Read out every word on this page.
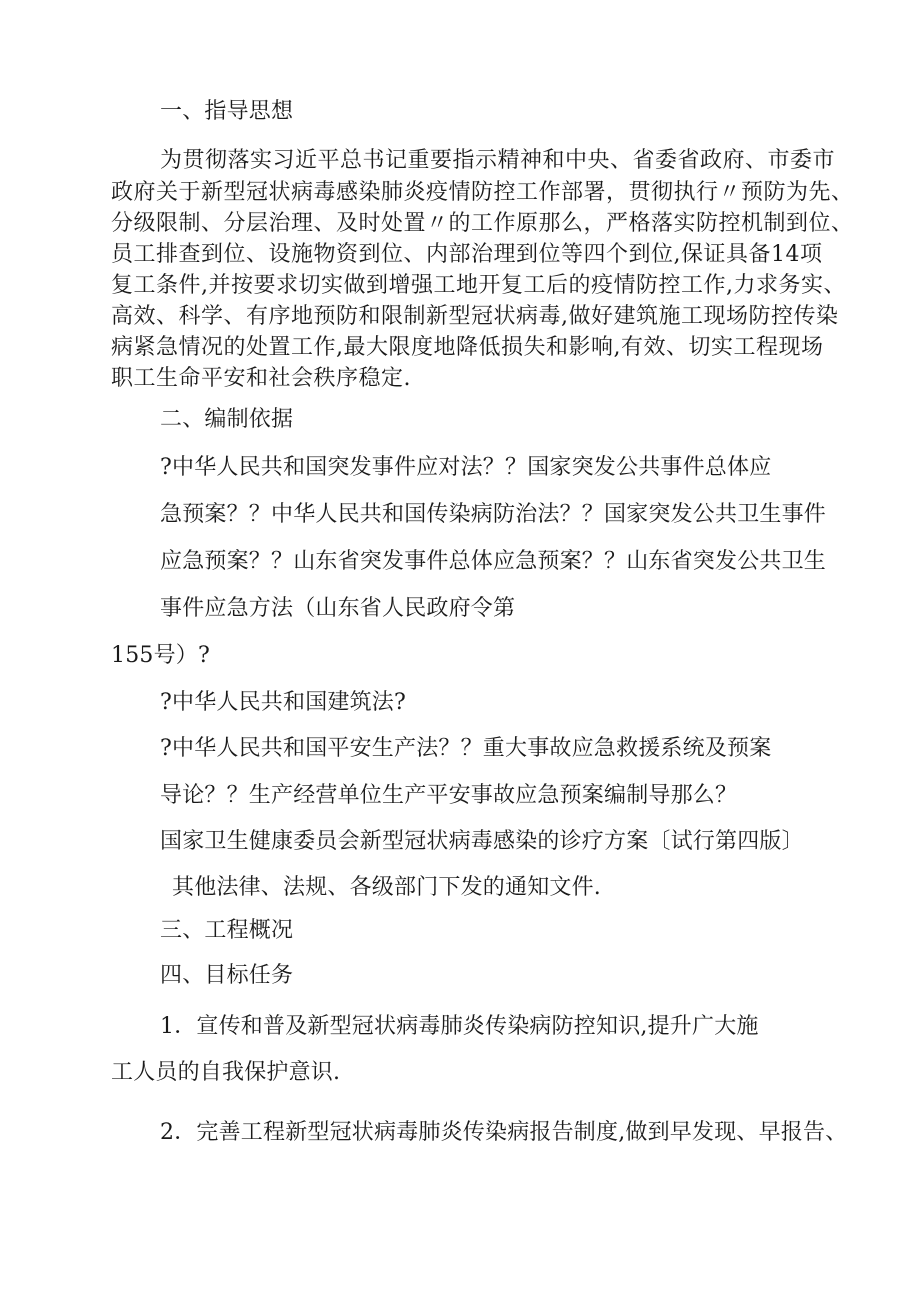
一、指导思想
为贯彻落实习近平总书记重要指示精神和中央、省委省政府、市委市
政府关于新型冠状病毒感染肺炎疫情防控工作部署，贯彻执行〃预防为先、
分级限制、分层治理、及时处置〃的工作原那么，严格落实防控机制到位、
员工排查到位、设施物资到位、内部治理到位等四个到位,保证具备14项
复工条件,并按要求切实做到增强工地开复工后的疫情防控工作,力求务实、
高效、科学、有序地预防和限制新型冠状病毒,做好建筑施工现场防控传染
病紧急情况的处置工作,最大限度地降低损失和影响,有效、切实工程现场
职工生命平安和社会秩序稳定.
二、编制依据
?中华人民共和国突发事件应对法？？国家突发公共事件总体应
急预案？？中华人民共和国传染病防治法？？国家突发公共卫生事件
应急预案？？山东省突发事件总体应急预案？？山东省突发公共卫生
事件应急方法（山东省人民政府令第
155号）?
?中华人民共和国建筑法?
?中华人民共和国平安生产法？？重大事故应急救援系统及预案
导论？？生产经营单位生产平安事故应急预案编制导那么？
国家卫生健康委员会新型冠状病毒感染的诊疗方案〔试行第四版〕
其他法律、法规、各级部门下发的通知文件.
三、工程概况
四、目标任务
1．宣传和普及新型冠状病毒肺炎传染病防控知识,提升广大施
工人员的自我保护意识.
2．完善工程新型冠状病毒肺炎传染病报告制度,做到早发现、早报告、
